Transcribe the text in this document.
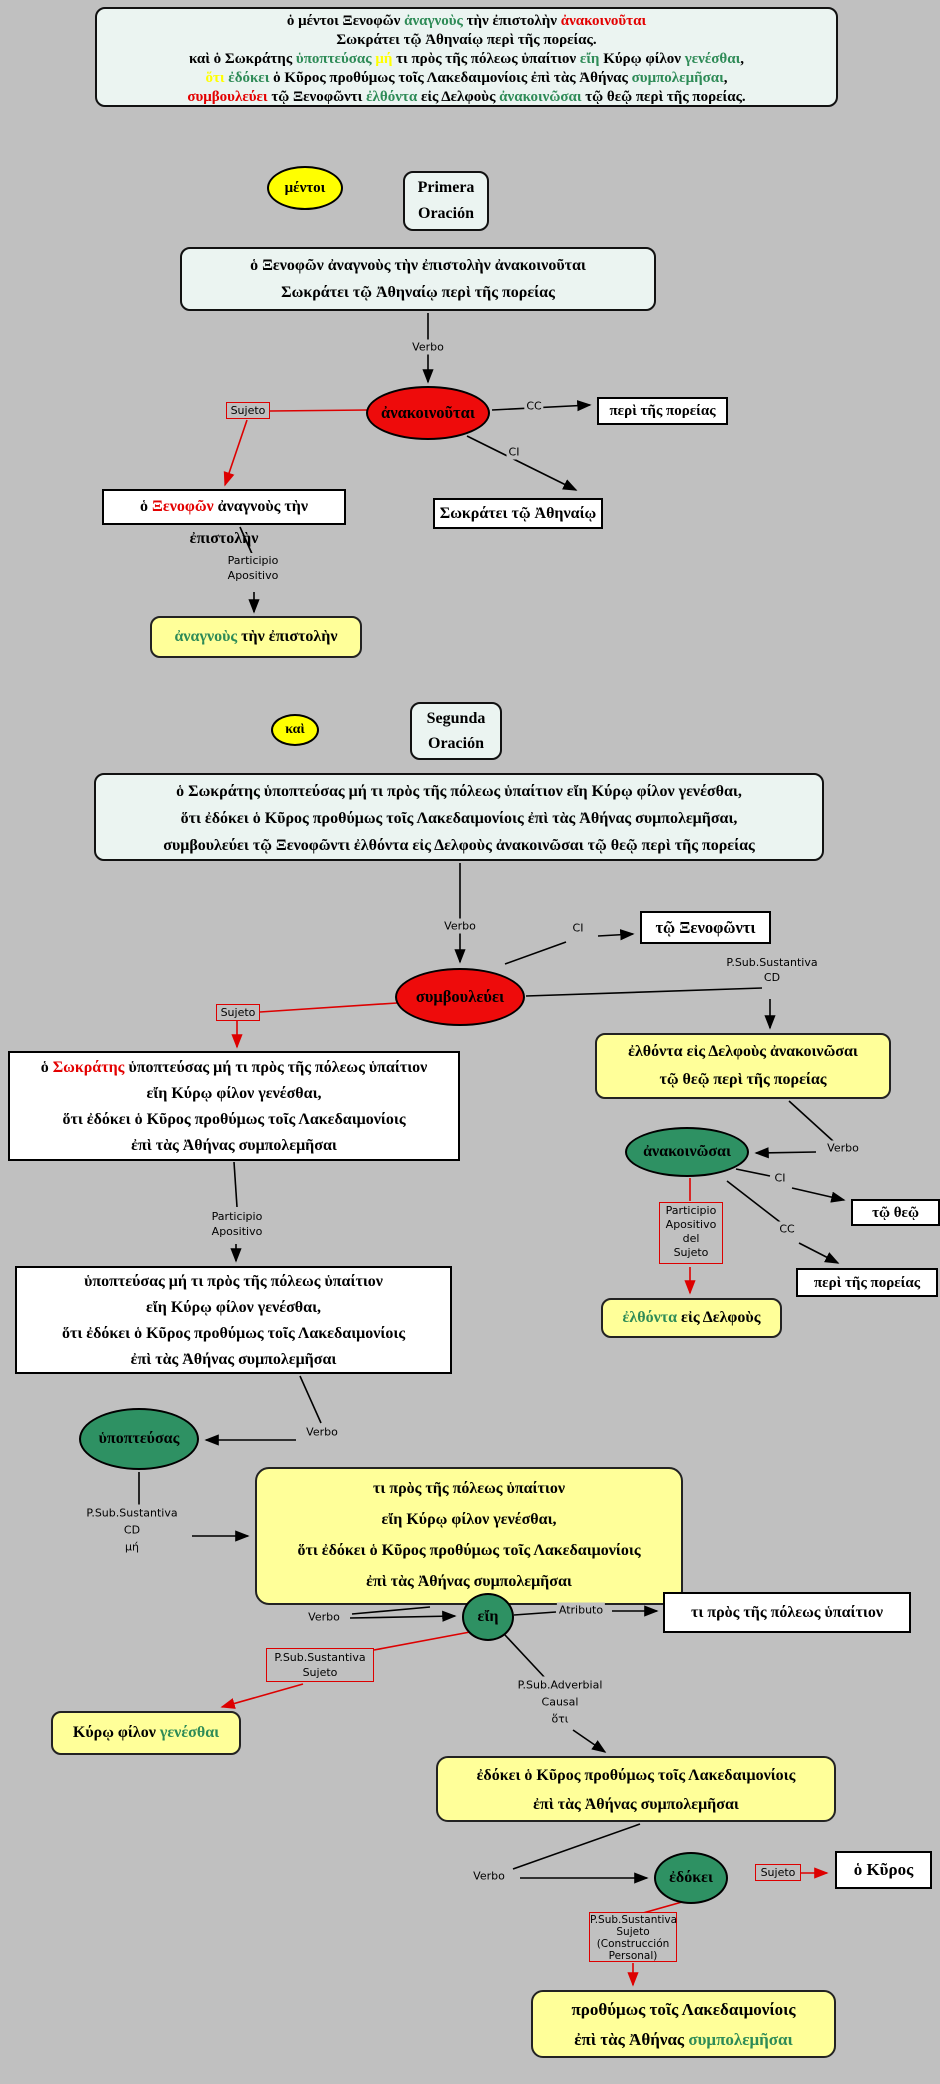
ὁ μέντοι Ξενοφῶν ἀναγνοὺς τὴν ἐπιστολὴν ἀνακοινοῦται
Σωκράτει τῷ Ἀθηναίῳ περὶ τῆς πορείας.
καὶ ὁ Σωκράτης ὑποπτεύσας μή τι πρὸς τῆς πόλεως ὑπαίτιον εἴη Κύρῳ φίλον γενέσθαι,
ὅτι ἐδόκει ὁ Κῦρος προθύμως τοῖς Λακεδαιμονίοις ἐπὶ τὰς Ἀθήνας συμπολεμῆσαι,
συμβουλεύει τῷ Ξενοφῶντι ἐλθόντα εἰς Δελφοὺς ἀνακοινῶσαι τῷ θεῷ περὶ τῆς πορείας.
μέντοι	Primera
Oración
ὁ Ξενοφῶν ἀναγνοὺς τὴν ἐπιστολὴν ἀνακοινοῦται
Σωκράτει τῷ Ἀθηναίῳ περὶ τῆς πορείας
Verbo
ἀνακοινοῦται
Sujeto	CC	περὶ τῆς πορείας
CI
Σωκράτει τῷ Ἀθηναίῳ
ὁ Ξενοφῶν ἀναγνοὺς τὴν ἐπιστολὴν
Participio
Apositivo
ἀναγνοὺς τὴν ἐπιστολὴν
καὶ
Segunda
Oración
ὁ Σωκράτης ὑποπτεύσας μή τι πρὸς τῆς πόλεως ὑπαίτιον εἴη Κύρῳ φίλον γενέσθαι,
ὅτι ἐδόκει ὁ Κῦρος προθύμως τοῖς Λακεδαιμονίοις ἐπὶ τὰς Ἀθήνας συμπολεμῆσαι,
συμβουλεύει τῷ Ξενοφῶντι ἐλθόντα εἰς Δελφοὺς ἀνακοινῶσαι τῷ θεῷ περὶ τῆς πορείας
Verbo	CI	τῷ Ξενοφῶντι
συμβουλεύει
Sujeto
P.Sub.Sustantiva
CD
ὁ Σωκράτης ὑποπτεύσας μή τι πρὸς τῆς πόλεως ὑπαίτιον
εἴη Κύρῳ φίλον γενέσθαι,
ὅτι ἐδόκει ὁ Κῦρος προθύμως τοῖς Λακεδαιμονίοις
ἐπὶ τὰς Ἀθήνας συμπολεμῆσαι
ἐλθόντα εἰς Δελφοὺς ἀνακοινῶσαι
τῷ θεῷ περὶ τῆς πορείας
Verbo
ἀνακοινῶσαι
CI
τῷ θεῷ
CC
περὶ τῆς πορείας
Participio
Apositivo
del
Sujeto
ἐλθόντα εἰς Δελφοὺς
Participio
Apositivo
ὑποπτεύσας μή τι πρὸς τῆς πόλεως ὑπαίτιον
εἴη Κύρῳ φίλον γενέσθαι,
ὅτι ἐδόκει ὁ Κῦρος προθύμως τοῖς Λακεδαιμονίοις
ἐπὶ τὰς Ἀθήνας συμπολεμῆσαι
ὑποπτεύσας	Verbo
P.Sub.Sustantiva
CD
μή
τι πρὸς τῆς πόλεως ὑπαίτιον
εἴη Κύρῳ φίλον γενέσθαι,
ὅτι ἐδόκει ὁ Κῦρος προθύμως τοῖς Λακεδαιμονίοις
ἐπὶ τὰς Ἀθήνας συμπολεμῆσαι
Verbo	εἴη	Atributo	τι πρὸς τῆς πόλεως ὑπαίτιον
P.Sub.Sustantiva
Sujeto
Κύρῳ φίλον γενέσθαι
P.Sub.Adverbial
Causal
ὅτι
ἐδόκει ὁ Κῦρος προθύμως τοῖς Λακεδαιμονίοις
ἐπὶ τὰς Ἀθήνας συμπολεμῆσαι
Verbo	ἐδόκει	Sujeto	ὁ Κῦρος
P.Sub.Sustantiva
Sujeto
(Construcción
Personal)
προθύμως τοῖς Λακεδαιμονίοις
ἐπὶ τὰς Ἀθήνας συμπολεμῆσαι
